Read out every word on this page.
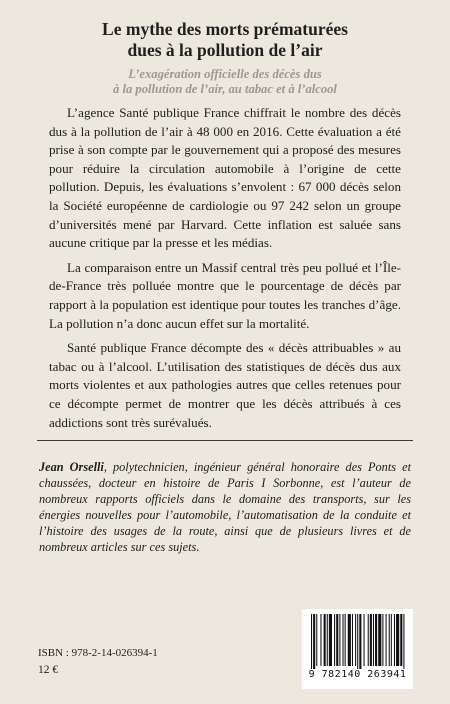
Le mythe des morts prématurées
dues à la pollution de l’air
L’exagération officielle des décès dus
à la pollution de l’air, au tabac et à l’alcool

L’agence Santé publique France chiffrait le nombre des décès dus à la pollution de l’air à 48 000 en 2016. Cette évaluation a été prise à son compte par le gouvernement qui a proposé des mesures pour réduire la circulation automobile à l’origine de cette pollution. Depuis, les évaluations s’envolent : 67 000 décès selon la Société européenne de cardiologie ou 97 242 selon un groupe d’universités mené par Harvard. Cette inflation est saluée sans aucune critique par la presse et les médias.

La comparaison entre un Massif central très peu pollué et l’Île-de-France très polluée montre que le pourcentage de décès par rapport à la population est identique pour toutes les tranches d’âge. La pollution n’a donc aucun effet sur la mortalité.

Santé publique France décompte des « décès attribuables » au tabac ou à l’alcool. L’utilisation des statistiques de décès dus aux morts violentes et aux pathologies autres que celles retenues pour ce décompte permet de montrer que les décès attribués à ces addictions sont très surévalués.

Jean Orselli, polytechnicien, ingénieur général honoraire des Ponts et chaussées, docteur en histoire de Paris I Sorbonne, est l’auteur de nombreux rapports officiels dans le domaine des transports, sur les énergies nouvelles pour l’automobile, l’automatisation de la conduite et l’histoire des usages de la route, ainsi que de plusieurs livres et de nombreux articles sur ces sujets.
ISBN : 978-2-14-026394-1
12 €	9 782140 263941
